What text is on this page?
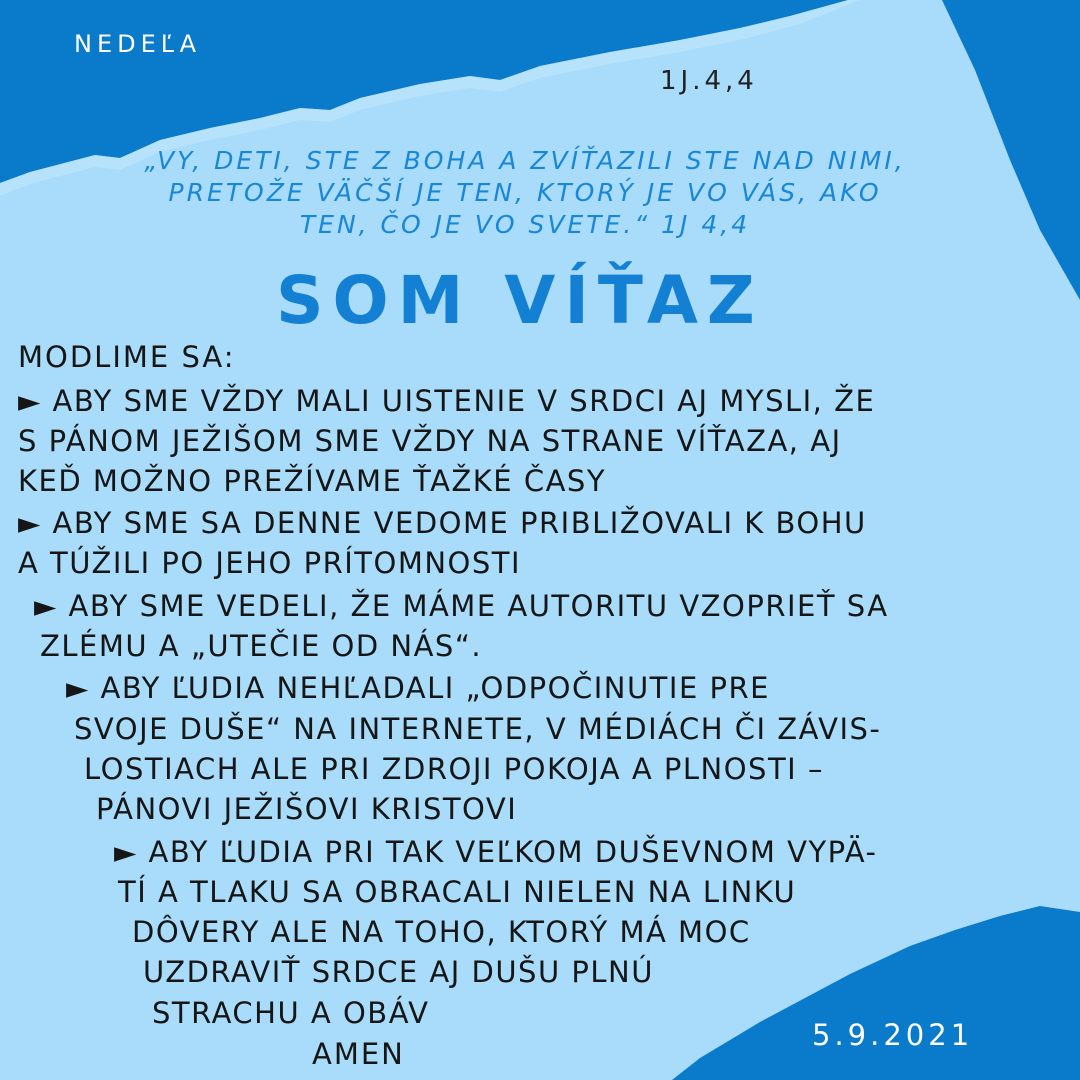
NEDEĽA
1J.4,4
„VY, DETI, STE Z BOHA A ZVÍŤAZILI STE NAD NIMI,
PRETOŽE VÄČŠÍ JE TEN, KTORÝ JE VO VÁS, AKO
TEN, ČO JE VO SVETE.“ 1J 4,4
SOM VÍŤAZ
MODLIME SA:
► ABY SME VŽDY MALI UISTENIE V SRDCI AJ MYSLI, ŽE
S PÁNOM JEŽIŠOM SME VŽDY NA STRANE VÍŤAZA, AJ
KEĎ MOŽNO PREŽÍVAME ŤAŽKÉ ČASY
► ABY SME SA DENNE VEDOME PRIBLIŽOVALI K BOHU
A TÚŽILI PO JEHO PRÍTOMNOSTI
► ABY SME VEDELI, ŽE MÁME AUTORITU VZOPRIEŤ SA
ZLÉMU A „UTEČIE OD NÁS“.
► ABY ĽUDIA NEHĽADALI „ODPOČINUTIE PRE
SVOJE DUŠE“ NA INTERNETE, V MÉDIÁCH ČI ZÁVIS-
LOSTIACH ALE PRI ZDROJI POKOJA A PLNOSTI –
PÁNOVI JEŽIŠOVI KRISTOVI
► ABY ĽUDIA PRI TAK VEĽKOM DUŠEVNOM VYPÄ-
TÍ A TLAKU SA OBRACALI NIELEN NA LINKU
DÔVERY ALE NA TOHO, KTORÝ MÁ MOC
UZDRAVIŤ SRDCE AJ DUŠU PLNÚ
STRACHU A OBÁV
AMEN
5.9.2021
